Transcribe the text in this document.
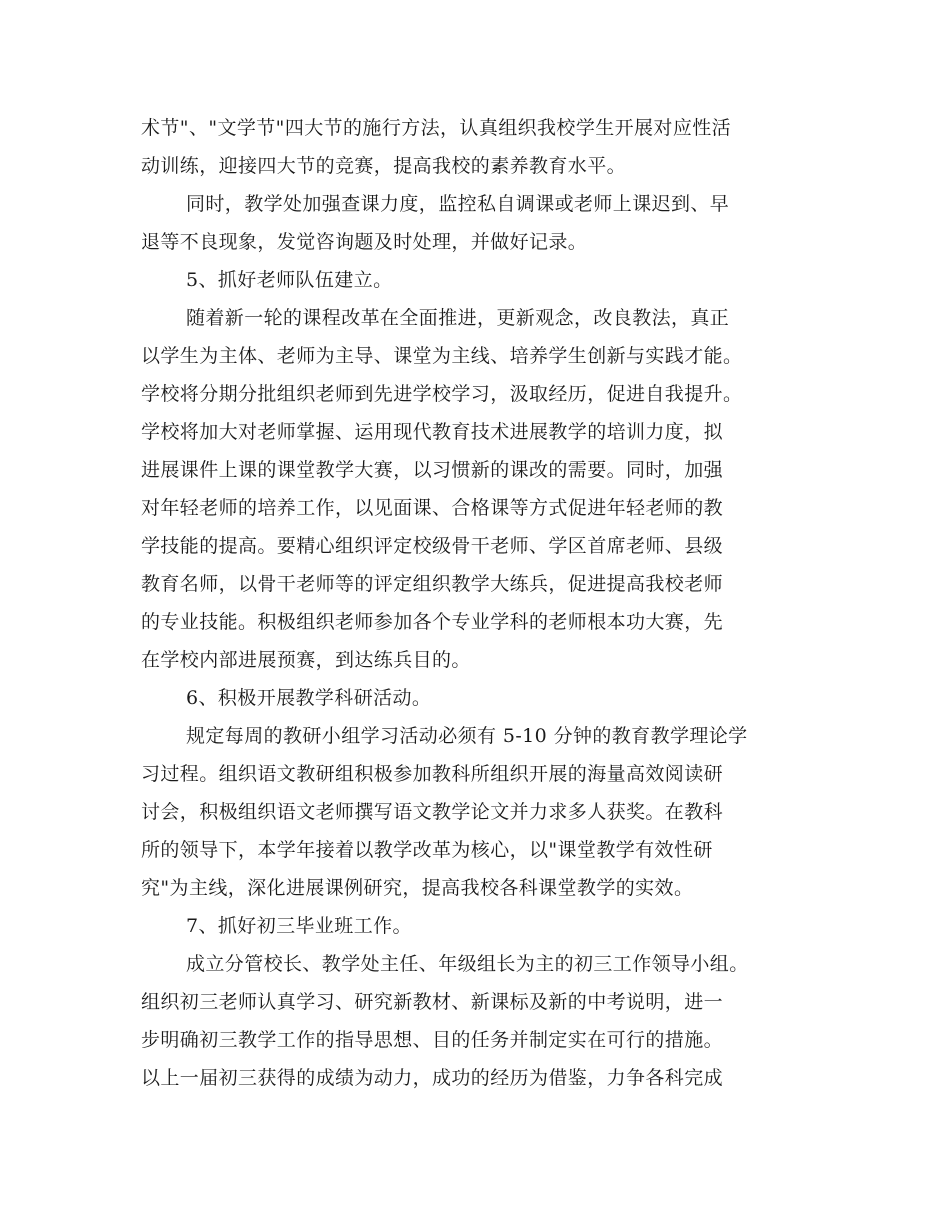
术节"、"文学节"四大节的施行方法，认真组织我校学生开展对应性活
动训练，迎接四大节的竞赛，提高我校的素养教育水平。
同时，教学处加强查课力度，监控私自调课或老师上课迟到、早
退等不良现象，发觉咨询题及时处理，并做好记录。
5、抓好老师队伍建立。
随着新一轮的课程改革在全面推进，更新观念，改良教法，真正
以学生为主体、老师为主导、课堂为主线、培养学生创新与实践才能。
学校将分期分批组织老师到先进学校学习，汲取经历，促进自我提升。
学校将加大对老师掌握、运用现代教育技术进展教学的培训力度，拟
进展课件上课的课堂教学大赛，以习惯新的课改的需要。同时，加强
对年轻老师的培养工作，以见面课、合格课等方式促进年轻老师的教
学技能的提高。要精心组织评定校级骨干老师、学区首席老师、县级
教育名师，以骨干老师等的评定组织教学大练兵，促进提高我校老师
的专业技能。积极组织老师参加各个专业学科的老师根本功大赛，先
在学校内部进展预赛，到达练兵目的。
6、积极开展教学科研活动。
规定每周的教研小组学习活动必须有 5-10 分钟的教育教学理论学
习过程。组织语文教研组积极参加教科所组织开展的海量高效阅读研
讨会，积极组织语文老师撰写语文教学论文并力求多人获奖。在教科
所的领导下，本学年接着以教学改革为核心，以"课堂教学有效性研
究"为主线，深化进展课例研究，提高我校各科课堂教学的实效。
7、抓好初三毕业班工作。
成立分管校长、教学处主任、年级组长为主的初三工作领导小组。
组织初三老师认真学习、研究新教材、新课标及新的中考说明，进一
步明确初三教学工作的指导思想、目的任务并制定实在可行的措施。
以上一届初三获得的成绩为动力，成功的经历为借鉴，力争各科完成
